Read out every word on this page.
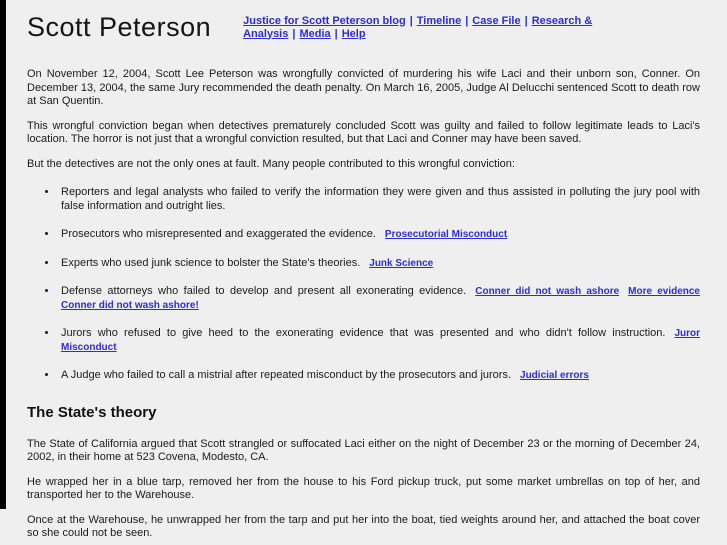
Scott Peterson	Justice for Scott Peterson blog | Timeline | Case File | Research & Analysis | Media | Help

On November 12, 2004, Scott Lee Peterson was wrongfully convicted of murdering his wife Laci and their unborn son, Conner. On December 13, 2004, the same Jury recommended the death penalty. On March 16, 2005, Judge Al Delucchi sentenced Scott to death row at San Quentin.

This wrongful conviction began when detectives prematurely concluded Scott was guilty and failed to follow legitimate leads to Laci's location. The horror is not just that a wrongful conviction resulted, but that Laci and Conner may have been saved.

But the detectives are not the only ones at fault. Many people contributed to this wrongful conviction:

• Reporters and legal analysts who failed to verify the information they were given and thus assisted in polluting the jury pool with false information and outright lies.
• Prosecutors who misrepresented and exaggerated the evidence. Prosecutorial Misconduct
• Experts who used junk science to bolster the State's theories. Junk Science
• Defense attorneys who failed to develop and present all exonerating evidence. Conner did not wash ashore More evidence Conner did not wash ashore!
• Jurors who refused to give heed to the exonerating evidence that was presented and who didn't follow instruction. Juror Misconduct
• A Judge who failed to call a mistrial after repeated misconduct by the prosecutors and jurors. Judicial errors
The State's theory

The State of California argued that Scott strangled or suffocated Laci either on the night of December 23 or the morning of December 24, 2002, in their home at 523 Covena, Modesto, CA.

He wrapped her in a blue tarp, removed her from the house to his Ford pickup truck, put some market umbrellas on top of her, and transported her to the Warehouse.

Once at the Warehouse, he unwrapped her from the tarp and put her into the boat, tied weights around her, and attached the boat cover so she could not be seen.
